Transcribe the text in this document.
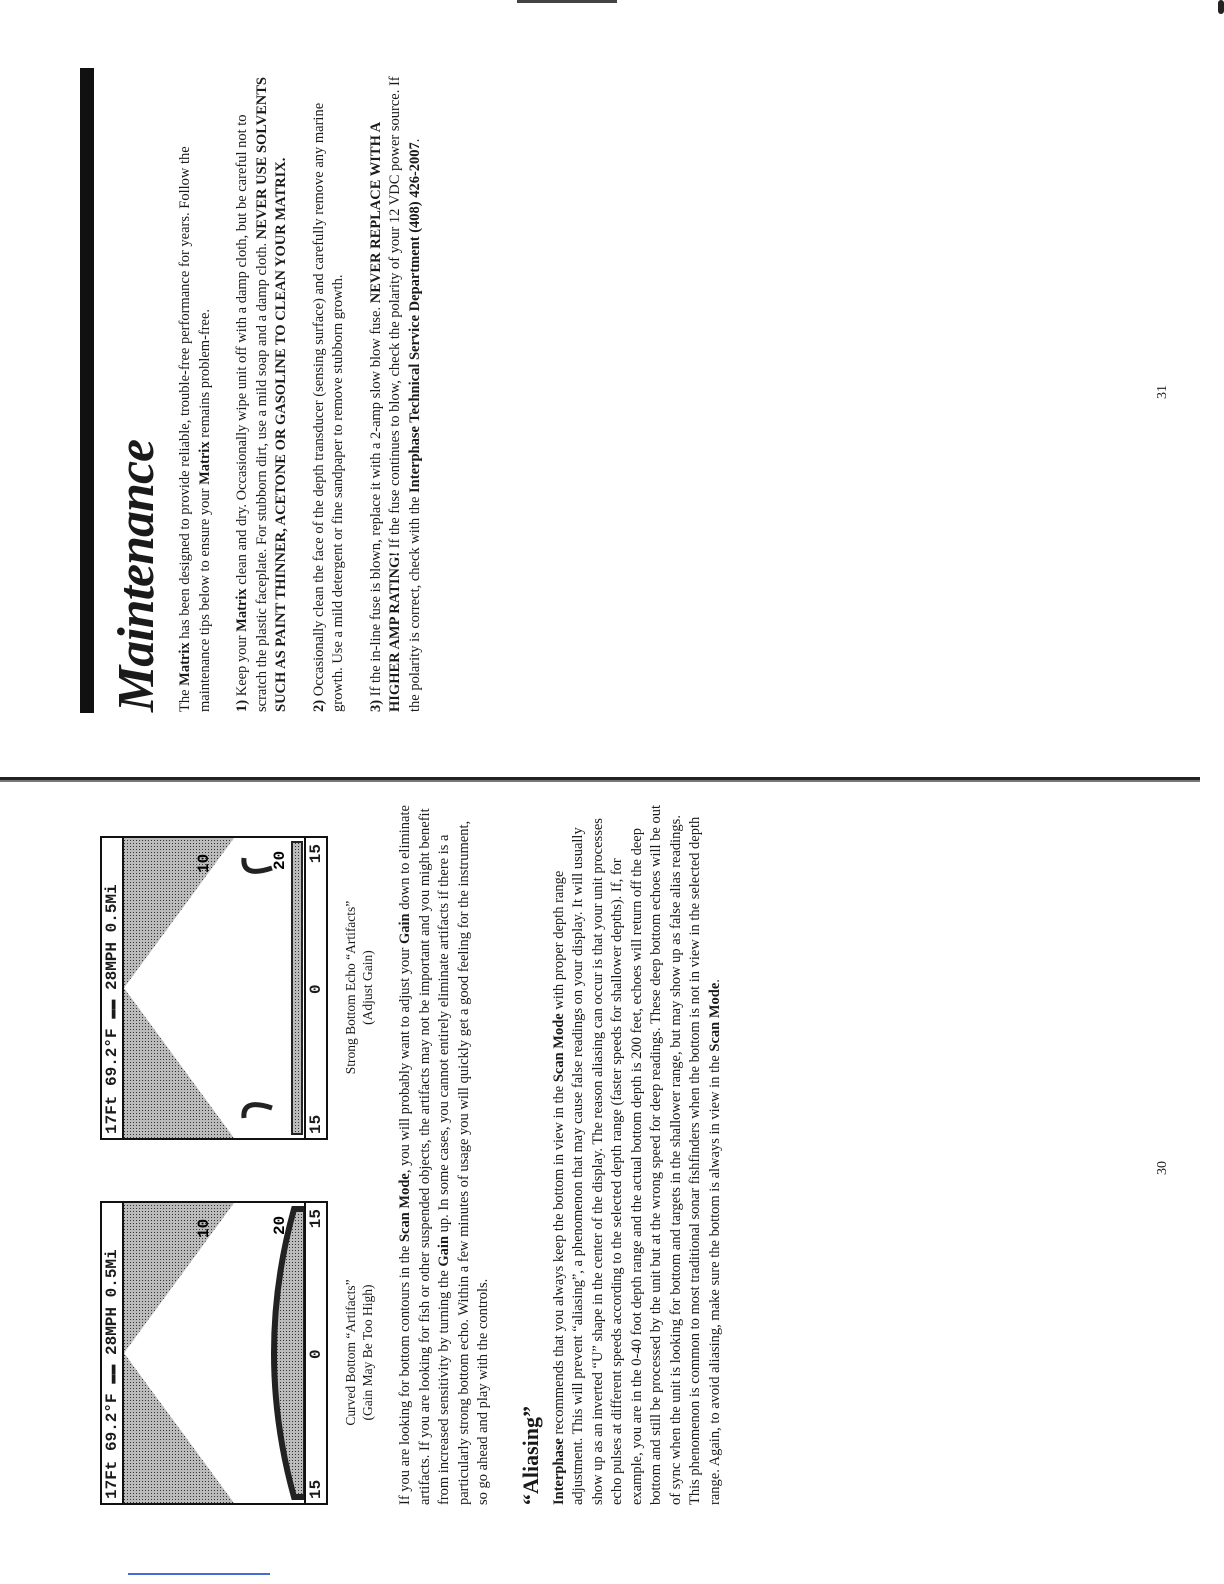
Maintenance The Matrix has been designed to provide reliable, trouble-free performance for years. Follow the maintenance tips below to ensure your Matrix remains problem-free.

1) Keep your Matrix clean and dry. Occasionally wipe unit off with a damp cloth, but be careful not to scratch the plastic faceplate. For stubborn dirt, use a mild soap and a damp cloth. NEVER USE SOLVENTS SUCH AS PAINT THINNER, ACETONE OR GASOLINE TO CLEAN YOUR MATRIX. 2) Occasionally clean the face of the depth transducer (sensing surface) and carefully remove any marine growth. Use a mild detergent or fine sandpaper to remove stubborn growth. 3) If the in-line fuse is blown, replace it with a 2-amp slow blow fuse. NEVER REPLACE WITH A HIGHER AMP RATING! If the fuse continues to blow, check the polarity of your 12 VDC power source. If the polarity is correct, check with the Interphase Technical Service Department (408) 426-2007.

31
17Ft 69.2°F ▬▬ 28MPH 0.5Mi
10	20
15
0
15
Curved Bottom “Artifacts” (Gain May Be Too High)
17Ft 69.2°F ▬▬ 28MPH 0.5Mi
10	20
15
0
15
Strong Bottom Echo “Artifacts” (Adjust Gain)

If you are looking for bottom contours in the Scan Mode, you will probably want to adjust your Gain down to eliminate artifacts. If you are looking for fish or other suspended objects, the artifacts may not be important and you might benefit from increased sensitivity by turning the Gain up. In some cases, you cannot entirely eliminate artifacts if there is a particularly strong bottom echo. Within a few minutes of usage you will quickly get a good feeling for the instrument, so go ahead and play with the controls. “Aliasing” Interphase recommends that you always keep the bottom in view in the Scan Mode with proper depth range adjustment. This will prevent “aliasing”, a phenomenon that may cause false readings on your display. It will usually show up as an inverted “U” shape in the center of the display. The reason aliasing can occur is that your unit processes echo pulses at different speeds according to the selected depth range (faster speeds for shallower depths). If, for example, you are in the 0-40 foot depth range and the actual bottom depth is 200 feet, echoes will return off the deep bottom and still be processed by the unit but at the wrong speed for deep readings. These deep bottom echoes will be out of sync when the unit is looking for bottom and targets in the shallower range, but may show up as false alias readings. This phenomenon is common to most traditional sonar fishfinders when the bottom is not in view in the selected depth range. Again, to avoid aliasing, make sure the bottom is always in view in the Scan Mode.

30
